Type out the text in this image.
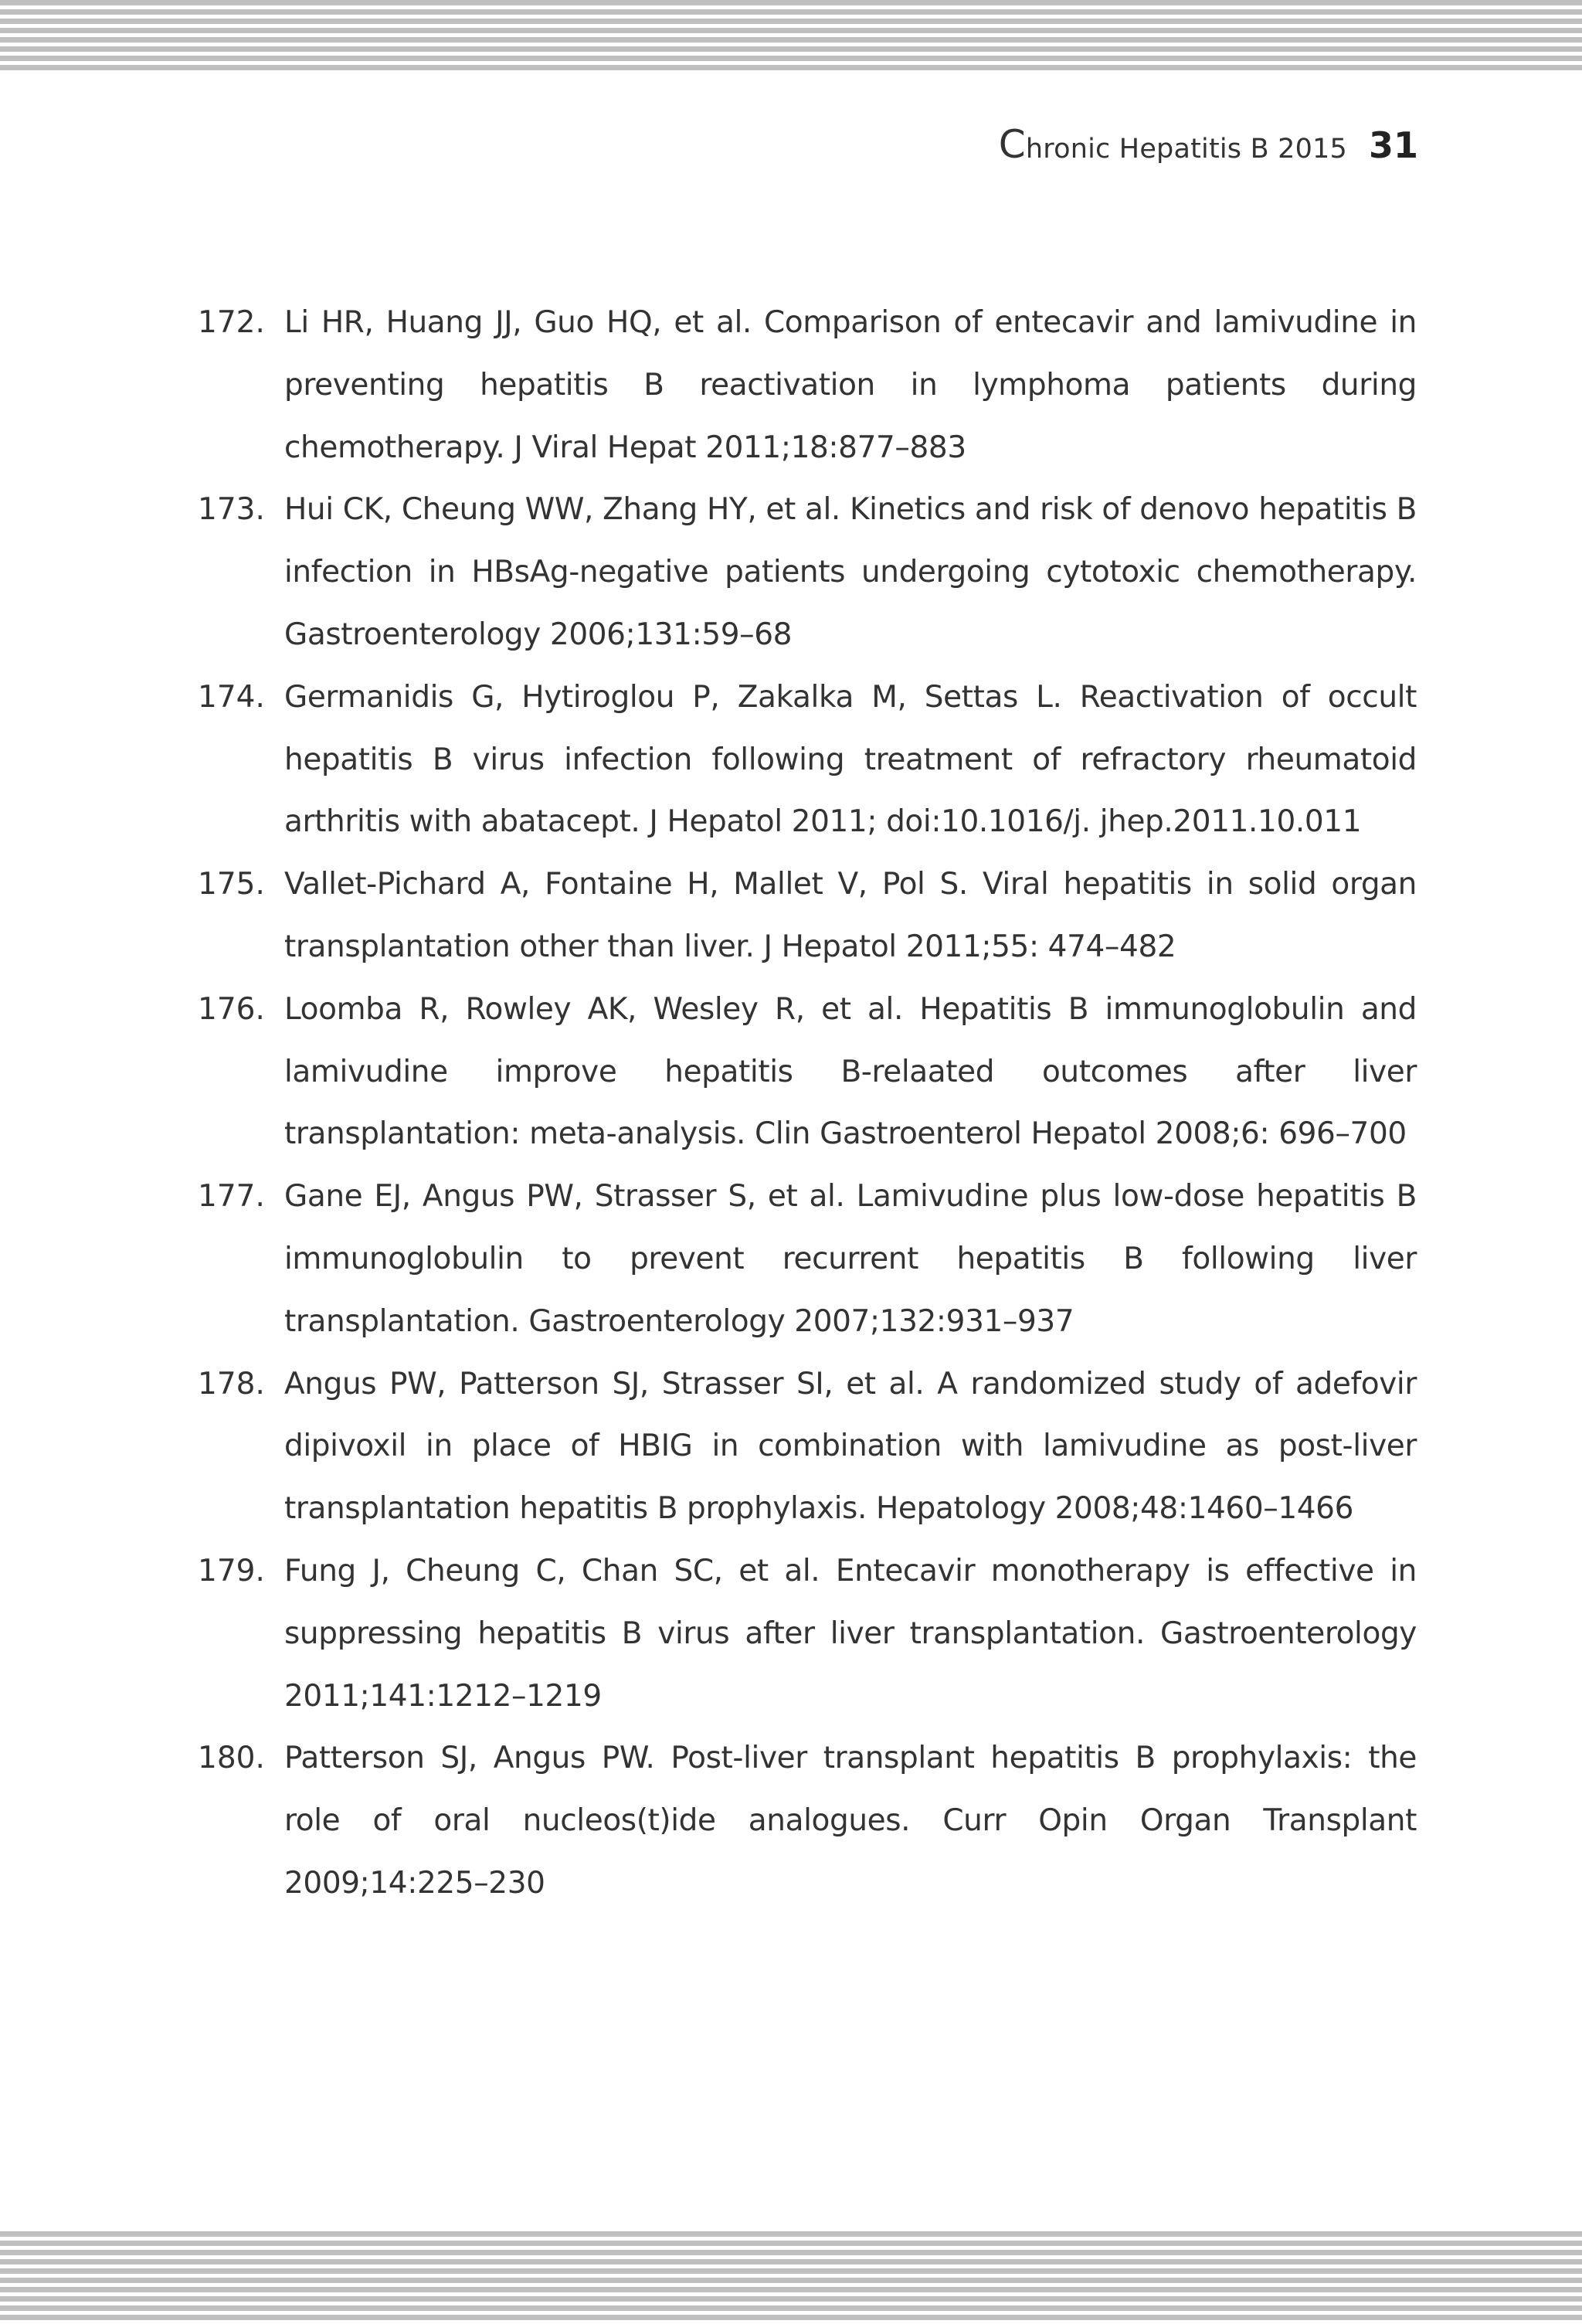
Chronic Hepatitis B 2015 31
172. Li HR, Huang JJ, Guo HQ, et al. Comparison of entecavir and lamivudine in preventing hepatitis B reactivation in lymphoma patients during chemotherapy. J Viral Hepat 2011;18:877–883
173. Hui CK, Cheung WW, Zhang HY, et al. Kinetics and risk of denovo hepatitis B infection in HBsAg-negative patients undergoing cytotoxic chemotherapy. Gastroenterology 2006;131:59–68
174. Germanidis G, Hytiroglou P, Zakalka M, Settas L. Reactivation of occult hepatitis B virus infection following treatment of refractory rheumatoid arthritis with abatacept. J Hepatol 2011; doi:10.1016/j. jhep.2011.10.011
175. Vallet-Pichard A, Fontaine H, Mallet V, Pol S. Viral hepatitis in solid organ transplantation other than liver. J Hepatol 2011;55: 474–482
176. Loomba R, Rowley AK, Wesley R, et al. Hepatitis B immunoglobulin and lamivudine improve hepatitis B-relaated outcomes after liver transplantation: meta-analysis. Clin Gastroenterol Hepatol 2008;6: 696–700
177. Gane EJ, Angus PW, Strasser S, et al. Lamivudine plus low-dose hepatitis B immunoglobulin to prevent recurrent hepatitis B following liver transplantation. Gastroenterology 2007;132:931–937
178. Angus PW, Patterson SJ, Strasser SI, et al. A randomized study of adefovir dipivoxil in place of HBIG in combination with lamivudine as post-liver transplantation hepatitis B prophylaxis. Hepatology 2008;48:1460–1466
179. Fung J, Cheung C, Chan SC, et al. Entecavir monotherapy is effective in suppressing hepatitis B virus after liver transplantation. Gastroenterology 2011;141:1212–1219
180. Patterson SJ, Angus PW. Post-liver transplant hepatitis B prophylaxis: the role of oral nucleos(t)ide analogues. Curr Opin Organ Transplant 2009;14:225–230
